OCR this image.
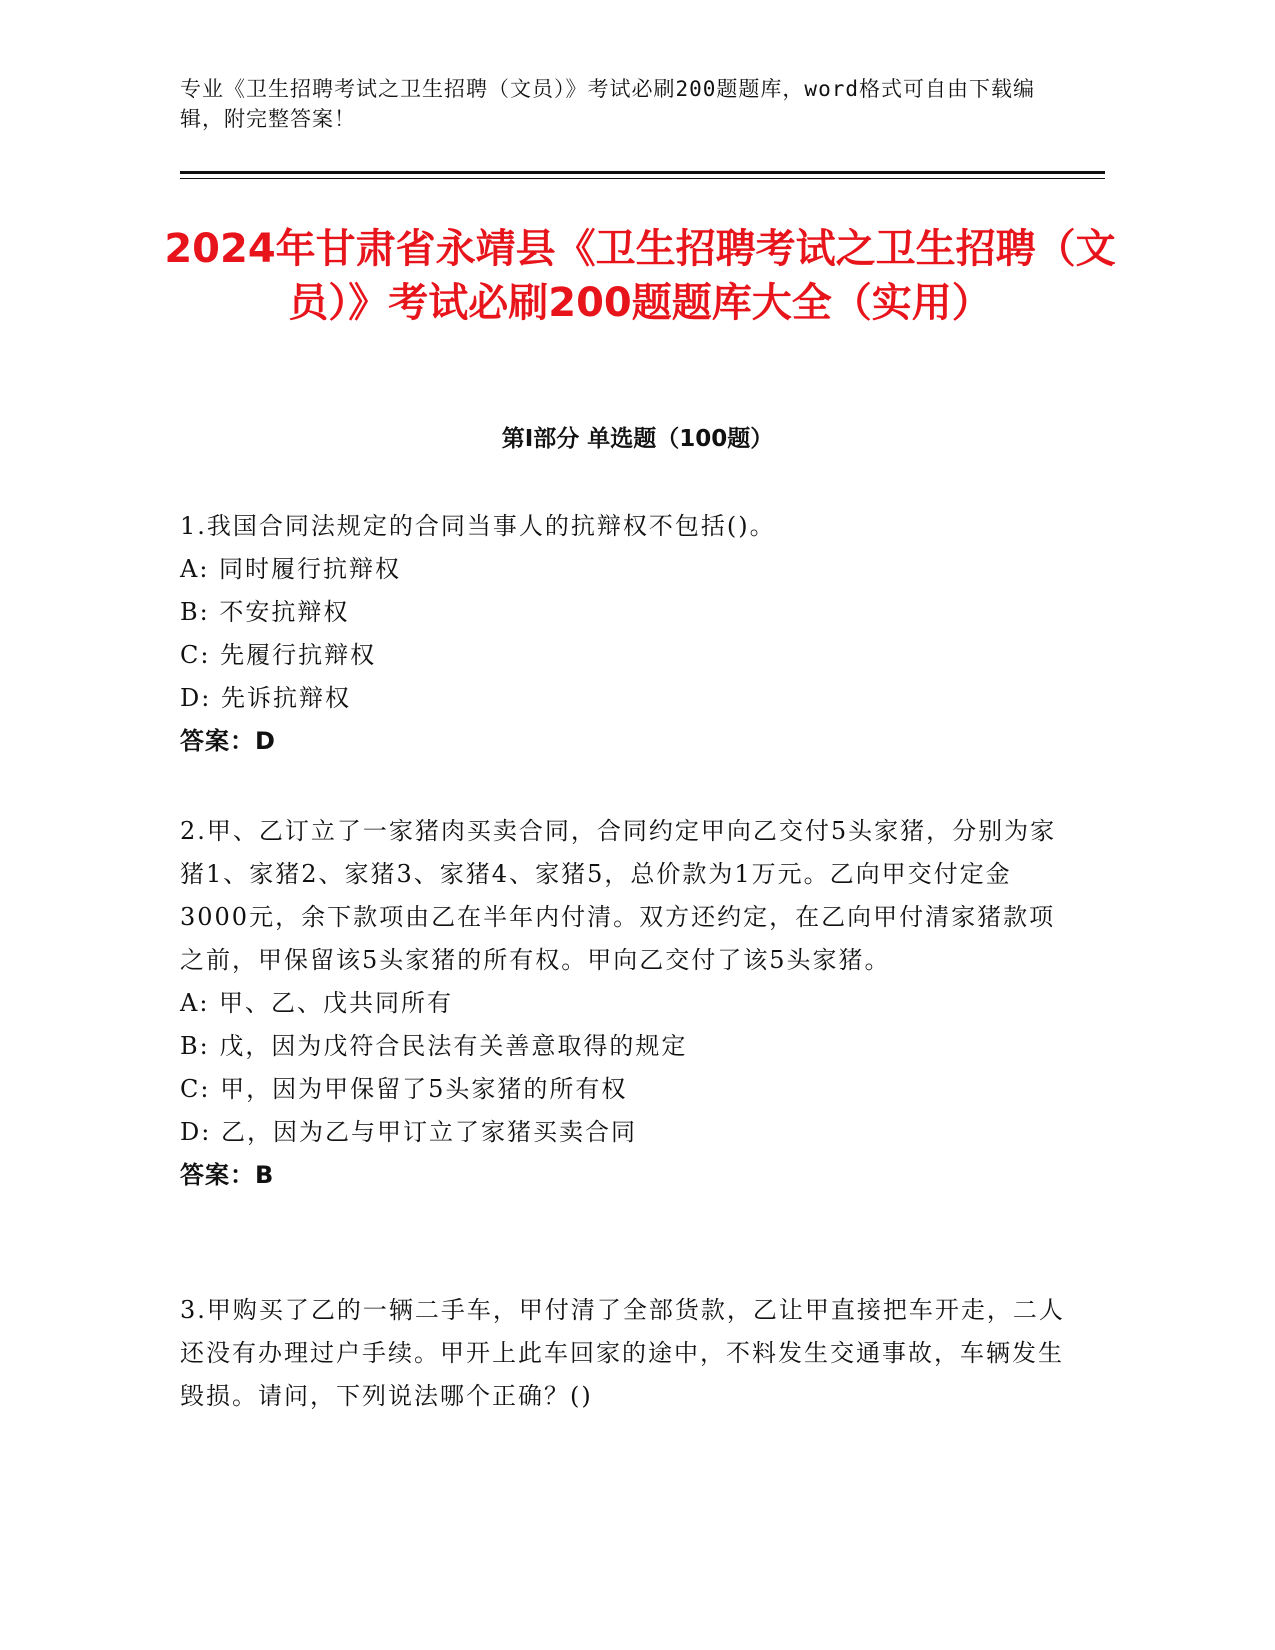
专业《卫生招聘考试之卫生招聘（文员）》考试必刷200题题库，word格式可自由下载编辑，附完整答案！
2024年甘肃省永靖县《卫生招聘考试之卫生招聘（文员）》考试必刷200题题库大全（实用）
第Ⅰ部分 单选题（100题）

1.我国合同法规定的合同当事人的抗辩权不包括()。

A: 同时履行抗辩权

B: 不安抗辩权

C: 先履行抗辩权

D: 先诉抗辩权

答案：D

2.甲、乙订立了一家猪肉买卖合同，合同约定甲向乙交付5头家猪，分别为家猪1、家猪2、家猪3、家猪4、家猪5，总价款为1万元。乙向甲交付定金3000元，余下款项由乙在半年内付清。双方还约定，在乙向甲付清家猪款项之前，甲保留该5头家猪的所有权。甲向乙交付了该5头家猪。

A: 甲、乙、戊共同所有

B: 戊，因为戊符合民法有关善意取得的规定

C: 甲，因为甲保留了5头家猪的所有权

D: 乙，因为乙与甲订立了家猪买卖合同

答案：B

3.甲购买了乙的一辆二手车，甲付清了全部货款，乙让甲直接把车开走，二人还没有办理过户手续。甲开上此车回家的途中，不料发生交通事故，车辆发生毁损。请问，下列说法哪个正确？()
